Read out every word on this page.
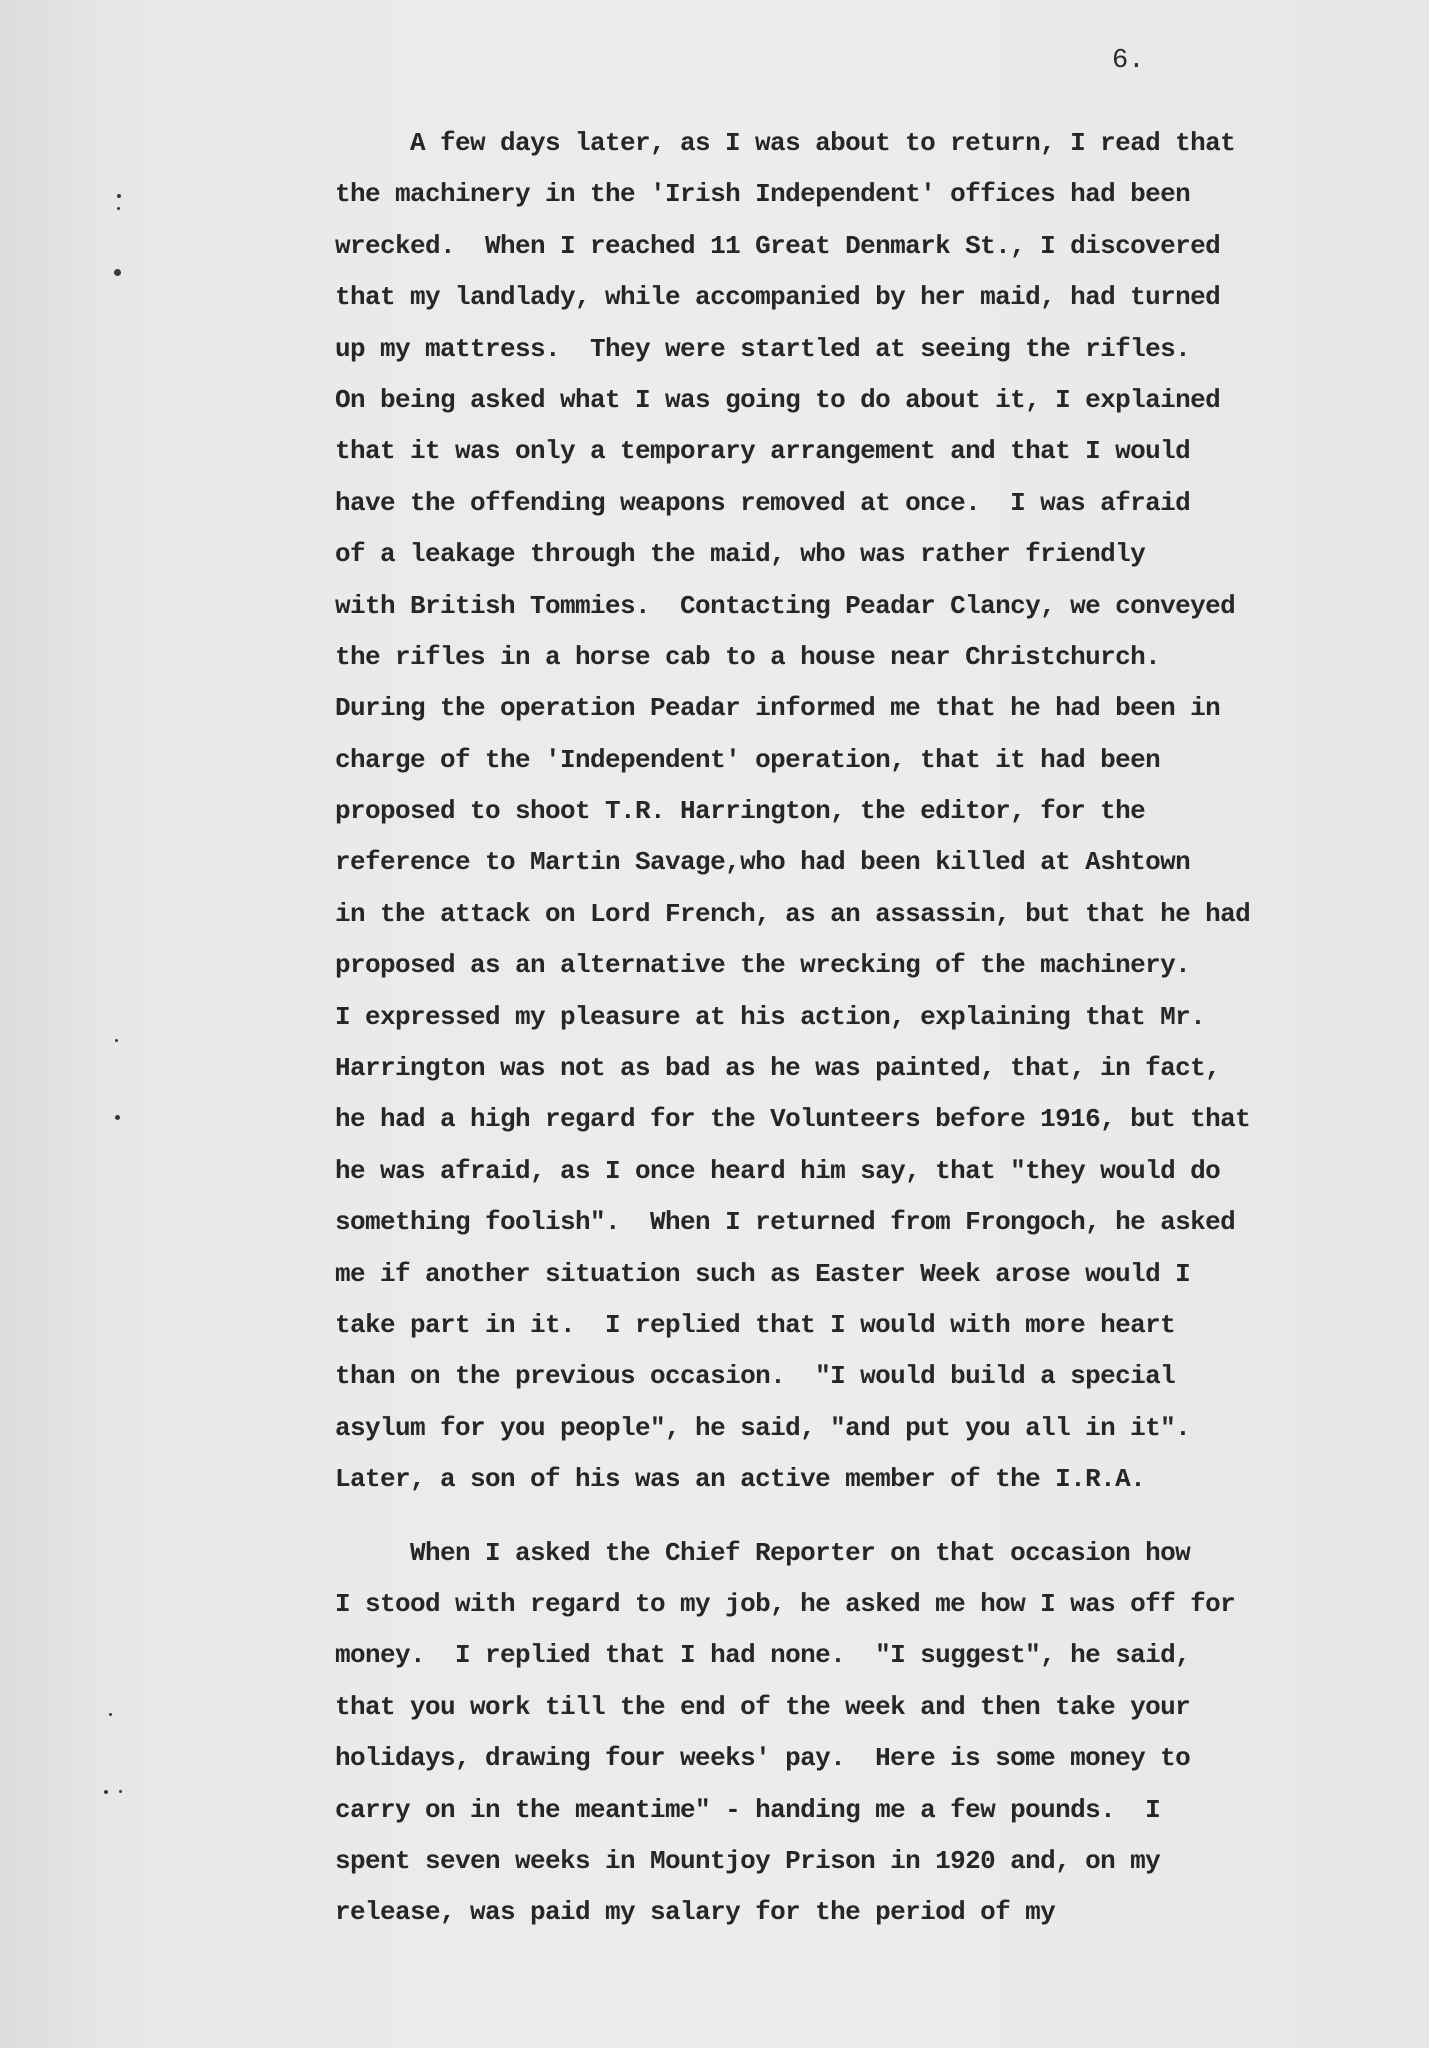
6.
A few days later, as I was about to return, I read that
the machinery in the 'Irish Independent' offices had been
wrecked.  When I reached 11 Great Denmark St., I discovered
that my landlady, while accompanied by her maid, had turned
up my mattress.  They were startled at seeing the rifles.
On being asked what I was going to do about it, I explained
that it was only a temporary arrangement and that I would
have the offending weapons removed at once.  I was afraid
of a leakage through the maid, who was rather friendly
with British Tommies.  Contacting Peadar Clancy, we conveyed
the rifles in a horse cab to a house near Christchurch.
During the operation Peadar informed me that he had been in
charge of the 'Independent' operation, that it had been
proposed to shoot T.R. Harrington, the editor, for the
reference to Martin Savage,who had been killed at Ashtown
in the attack on Lord French, as an assassin, but that he had
proposed as an alternative the wrecking of the machinery.
I expressed my pleasure at his action, explaining that Mr.
Harrington was not as bad as he was painted, that, in fact,
he had a high regard for the Volunteers before 1916, but that
he was afraid, as I once heard him say, that "they would do
something foolish".  When I returned from Frongoch, he asked
me if another situation such as Easter Week arose would I
take part in it.  I replied that I would with more heart
than on the previous occasion.  "I would build a special
asylum for you people", he said, "and put you all in it".
Later, a son of his was an active member of the I.R.A.
When I asked the Chief Reporter on that occasion how
I stood with regard to my job, he asked me how I was off for
money.  I replied that I had none.  "I suggest", he said,
that you work till the end of the week and then take your
holidays, drawing four weeks' pay.  Here is some money to
carry on in the meantime" - handing me a few pounds.  I
spent seven weeks in Mountjoy Prison in 1920 and, on my
release, was paid my salary for the period of my
